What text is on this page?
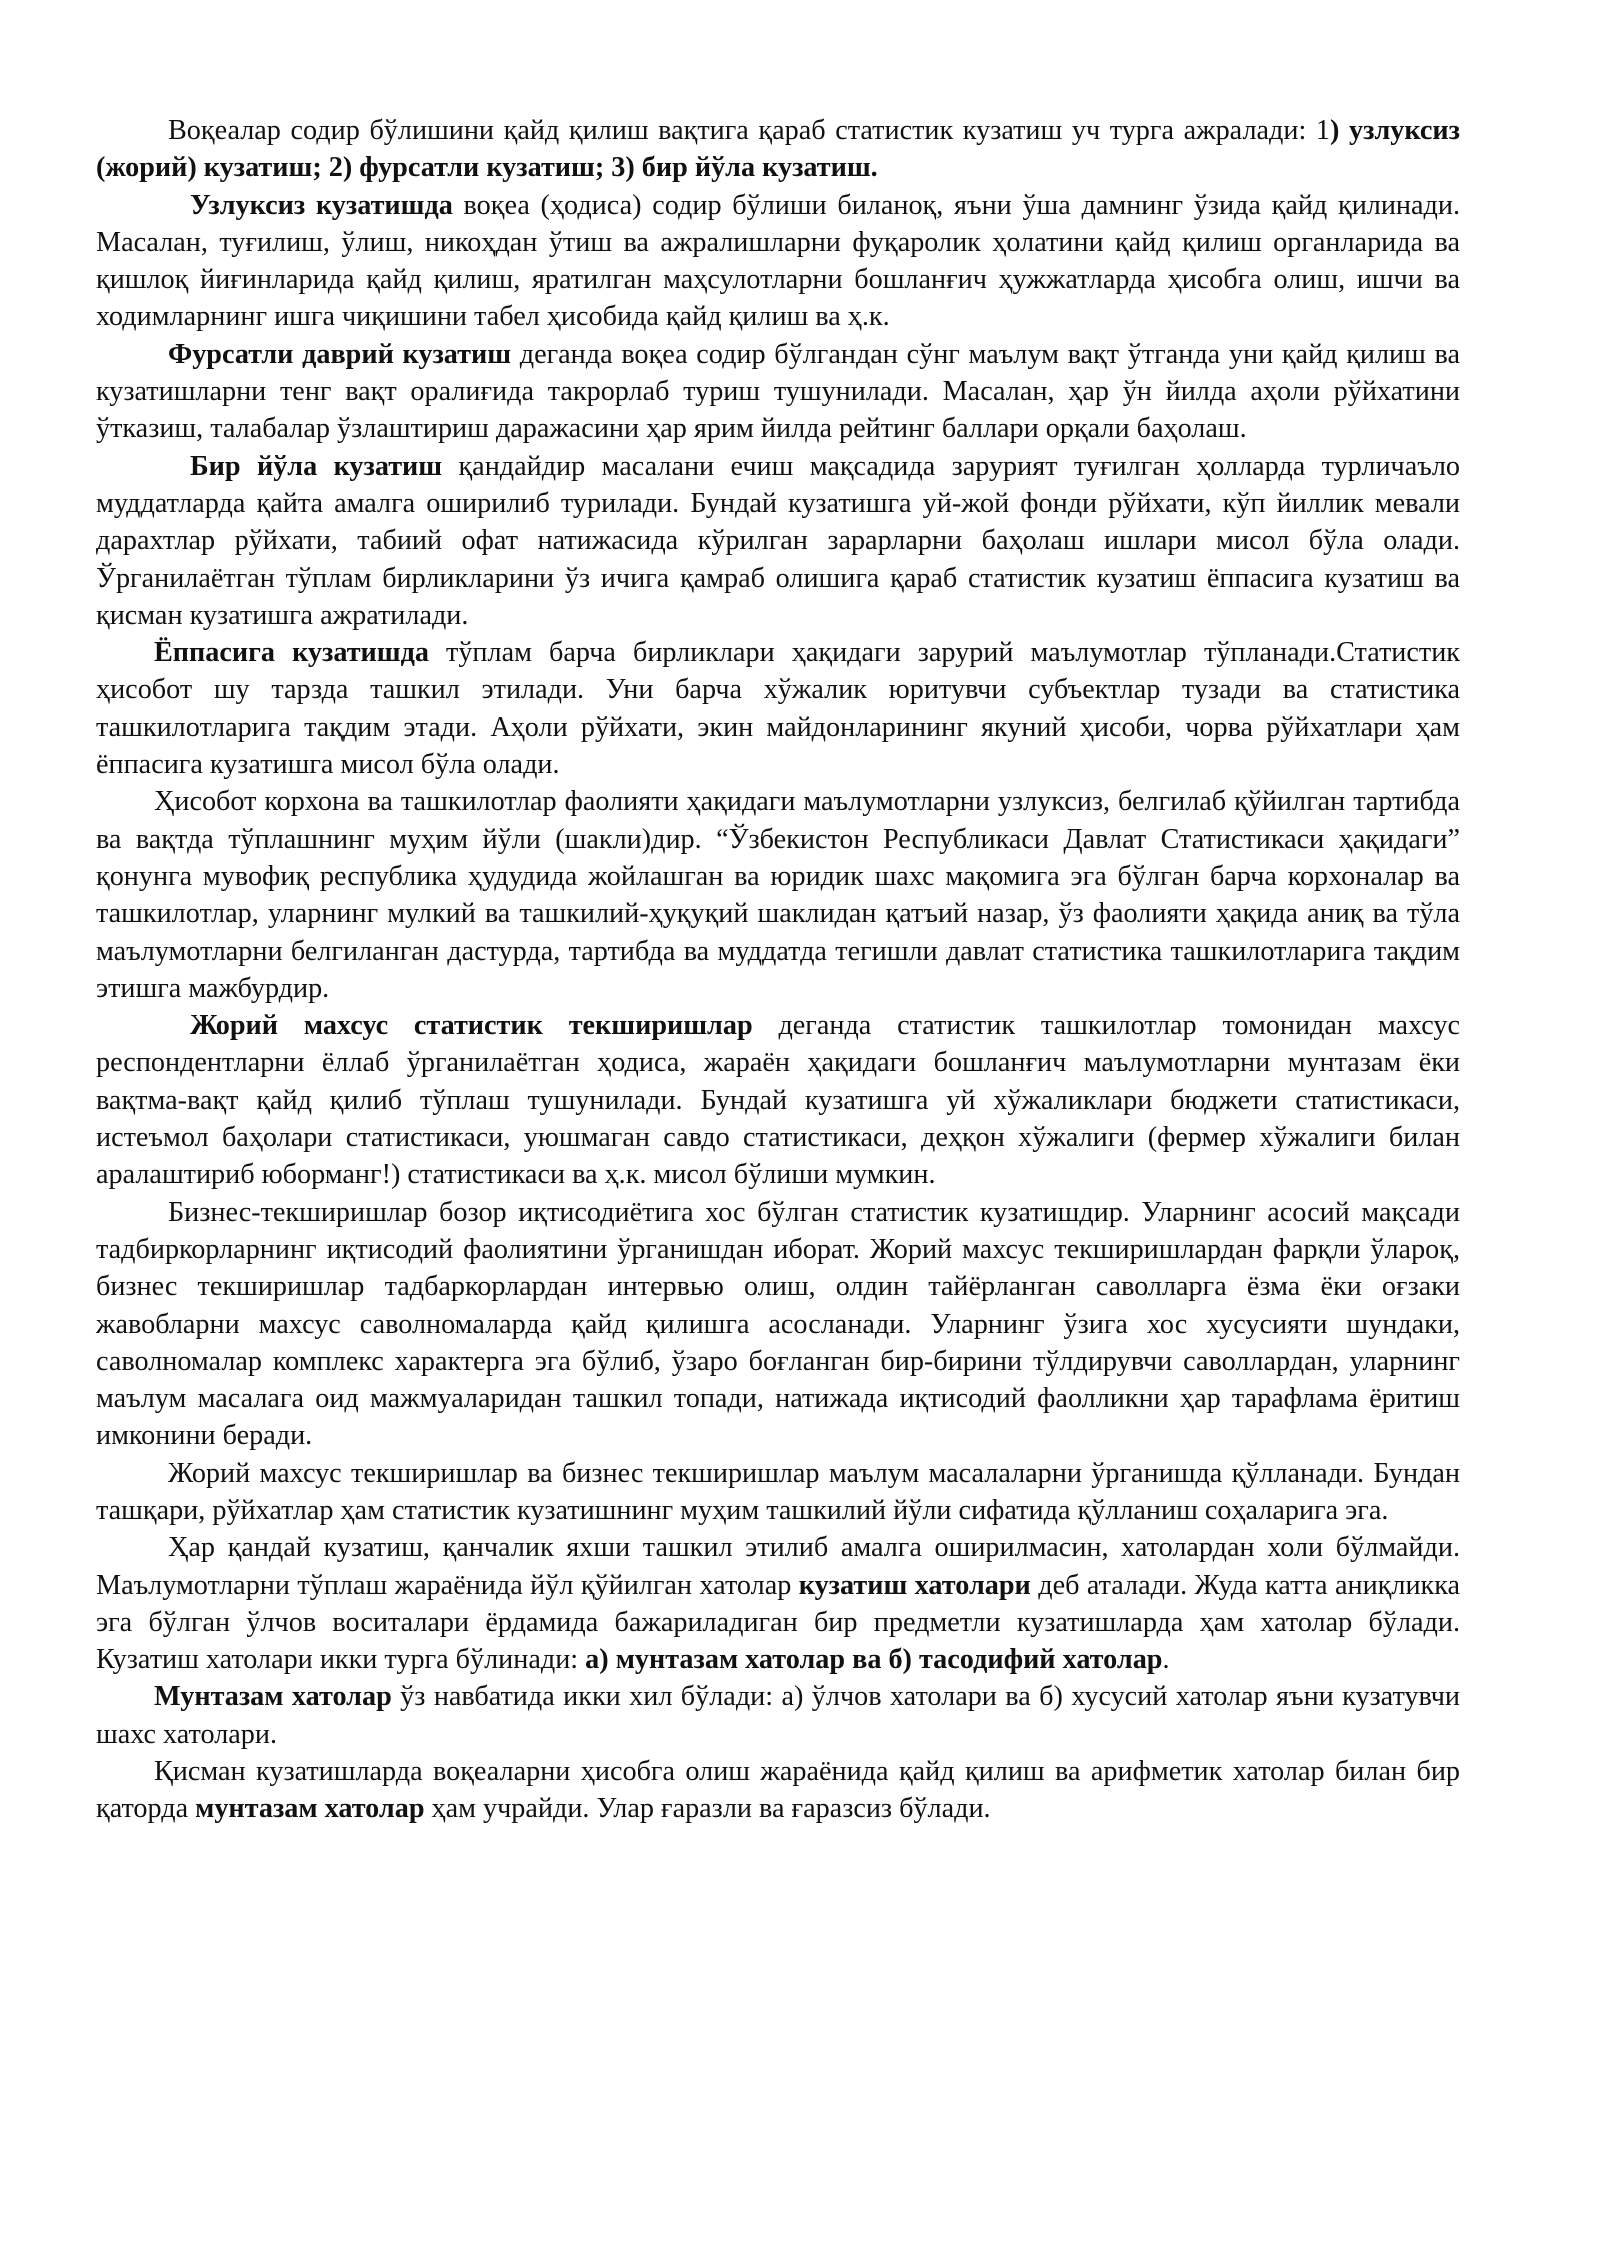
Воқеалар содир бўлишини қайд қилиш вақтига қараб статистик кузатиш уч турга ажралади: 1) узлуксиз (жорий) кузатиш; 2) фурсатли кузатиш; 3) бир йўла кузатиш.

Узлуксиз кузатишда воқеа (ҳодиса) содир бўлиши биланоқ, яъни ўша дамнинг ўзида қайд қилинади. Масалан, туғилиш, ўлиш, никоҳдан ўтиш ва ажралишларни фуқаролик ҳолатини қайд қилиш органларида ва қишлоқ йиғинларида қайд қилиш, яратилган маҳсулотларни бошланғич ҳужжатларда ҳисобга олиш, ишчи ва ходимларнинг ишга чиқишини табел ҳисобида қайд қилиш ва ҳ.к.

Фурсатли даврий кузатиш деганда воқеа содир бўлгандан сўнг маълум вақт ўтганда уни қайд қилиш ва кузатишларни тенг вақт оралиғида такрорлаб туриш тушунилади. Масалан, ҳар ўн йилда аҳоли рўйхатини ўтказиш, талабалар ўзлаштириш даражасини ҳар ярим йилда рейтинг баллари орқали баҳолаш.

Бир йўла кузатиш қандайдир масалани ечиш мақсадида зарурият туғилган ҳолларда турличаъло муддатларда қайта амалга оширилиб турилади. Бундай кузатишга уй-жой фонди рўйхати, кўп йиллик мевали дарахтлар рўйхати, табиий офат натижасида кўрилган зарарларни баҳолаш ишлари мисол бўла олади. Ўрганилаётган тўплам бирликларини ўз ичига қамраб олишига қараб статистик кузатиш ёппасига кузатиш ва қисман кузатишга ажратилади.

Ёппасига кузатишда тўплам барча бирликлари ҳақидаги зарурий маълумотлар тўпланади.Статистик ҳисобот шу тарзда ташкил этилади. Уни барча хўжалик юритувчи субъектлар тузади ва статистика ташкилотларига тақдим этади. Аҳоли рўйхати, экин майдонларининг якуний ҳисоби, чорва рўйхатлари ҳам ёппасига кузатишга мисол бўла олади.

Ҳисобот корхона ва ташкилотлар фаолияти ҳақидаги маълумотларни узлуксиз, белгилаб қўйилган тартибда ва вақтда тўплашнинг муҳим йўли (шакли)дир. “Ўзбекистон Республикаси Давлат Статистикаси ҳақидаги” қонунга мувофиқ республика ҳудудида жойлашган ва юридик шахс мақомига эга бўлган барча корхоналар ва ташкилотлар, уларнинг мулкий ва ташкилий-ҳуқуқий шаклидан қатъий назар, ўз фаолияти ҳақида аниқ ва тўла маълумотларни белгиланган дастурда, тартибда ва муддатда тегишли давлат статистика ташкилотларига тақдим этишга мажбурдир.

Жорий махсус статистик текширишлар деганда статистик ташкилотлар томонидан махсус респондентларни ёллаб ўрганилаётган ҳодиса, жараён ҳақидаги бошланғич маълумотларни мунтазам ёки вақтма-вақт қайд қилиб тўплаш тушунилади. Бундай кузатишга уй хўжаликлари бюджети статистикаси, истеъмол баҳолари статистикаси, уюшмаган савдо статистикаси, деҳқон хўжалиги (фермер хўжалиги билан аралаштириб юборманг!) статистикаси ва ҳ.к. мисол бўлиши мумкин.

Бизнес-текширишлар бозор иқтисодиётига хос бўлган статистик кузатишдир. Уларнинг асосий мақсади тадбиркорларнинг иқтисодий фаолиятини ўрганишдан иборат. Жорий махсус текширишлардан фарқли ўлароқ, бизнес текширишлар тадбаркорлардан интервью олиш, олдин тайёрланган саволларга ёзма ёки оғзаки жавобларни махсус саволномаларда қайд қилишга асосланади. Уларнинг ўзига хос хусусияти шундаки, саволномалар комплекс характерга эга бўлиб, ўзаро боғланган бир-бирини тўлдирувчи саволлардан, уларнинг маълум масалага оид мажмуаларидан ташкил топади, натижада иқтисодий фаолликни ҳар тарафлама ёритиш имконини беради.

Жорий махсус текширишлар ва бизнес текширишлар маълум масалаларни ўрганишда қўлланади. Бундан ташқари, рўйхатлар ҳам статистик кузатишнинг муҳим ташкилий йўли сифатида қўлланиш соҳаларига эга.

Ҳар қандай кузатиш, қанчалик яхши ташкил этилиб амалга оширилмасин, хатолардан холи бўлмайди. Маълумотларни тўплаш жараёнида йўл қўйилган хатолар кузатиш хатолари деб аталади. Жуда катта аниқликка эга бўлган ўлчов воситалари ёрдамида бажариладиган бир предметли кузатишларда ҳам хатолар бўлади. Кузатиш хатолари икки турга бўлинади: а) мунтазам хатолар ва б) тасодифий хатолар.

Мунтазам хатолар ўз навбатида икки хил бўлади: а) ўлчов хатолари ва б) хусусий хатолар яъни кузатувчи шахс хатолари.

Қисман кузатишларда воқеаларни ҳисобга олиш жараёнида қайд қилиш ва арифметик хатолар билан бир қаторда мунтазам хатолар ҳам учрайди. Улар ғаразли ва ғаразсиз бўлади.
